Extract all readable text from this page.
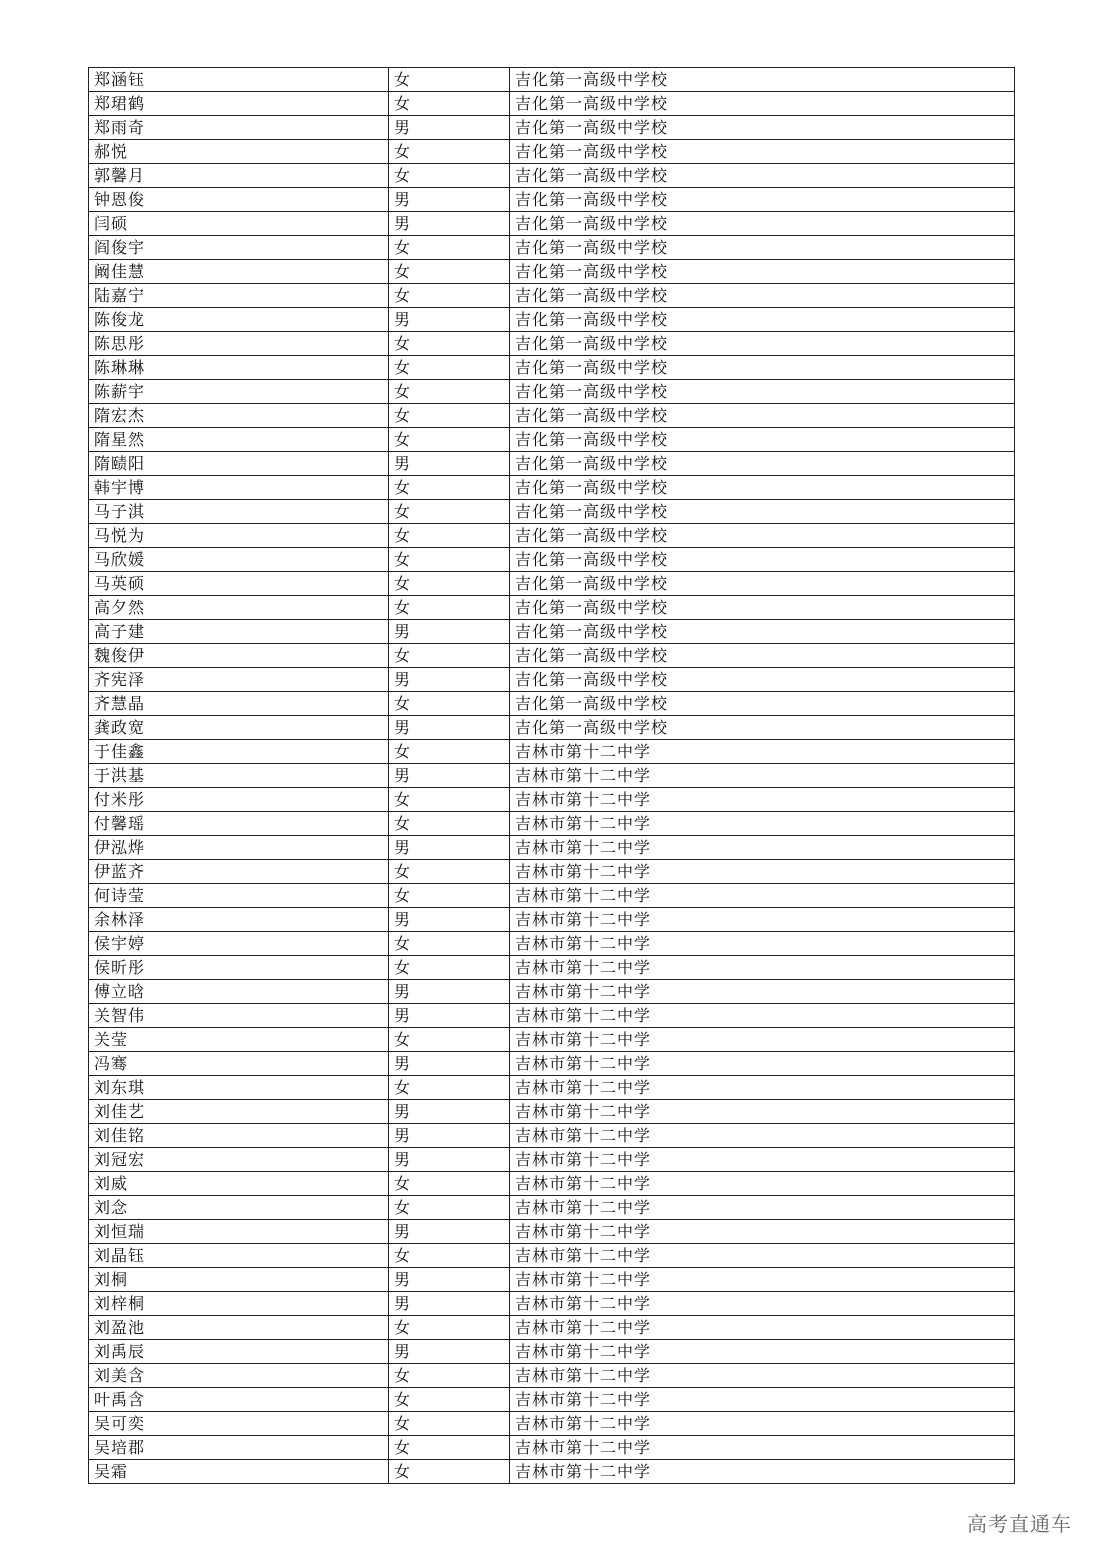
郑涵钰	女	吉化第一高级中学校
郑珺鹤	女	吉化第一高级中学校
郑雨奇	男	吉化第一高级中学校
郝悦	女	吉化第一高级中学校
郭馨月	女	吉化第一高级中学校
钟恩俊	男	吉化第一高级中学校
闫硕	男	吉化第一高级中学校
阎俊宇	女	吉化第一高级中学校
阚佳慧	女	吉化第一高级中学校
陆嘉宁	女	吉化第一高级中学校
陈俊龙	男	吉化第一高级中学校
陈思彤	女	吉化第一高级中学校
陈琳琳	女	吉化第一高级中学校
陈薪宇	女	吉化第一高级中学校
隋宏杰	女	吉化第一高级中学校
隋星然	女	吉化第一高级中学校
隋赜阳	男	吉化第一高级中学校
韩宇博	女	吉化第一高级中学校
马子淇	女	吉化第一高级中学校
马悦为	女	吉化第一高级中学校
马欣媛	女	吉化第一高级中学校
马英硕	女	吉化第一高级中学校
高夕然	女	吉化第一高级中学校
高子建	男	吉化第一高级中学校
魏俊伊	女	吉化第一高级中学校
齐宪泽	男	吉化第一高级中学校
齐慧晶	女	吉化第一高级中学校
龚政宽	男	吉化第一高级中学校
于佳鑫	女	吉林市第十二中学
于洪基	男	吉林市第十二中学
付米彤	女	吉林市第十二中学
付馨瑶	女	吉林市第十二中学
伊泓烨	男	吉林市第十二中学
伊蓝齐	女	吉林市第十二中学
何诗莹	女	吉林市第十二中学
余林泽	男	吉林市第十二中学
侯宇婷	女	吉林市第十二中学
侯昕彤	女	吉林市第十二中学
傅立晗	男	吉林市第十二中学
关智伟	男	吉林市第十二中学
关莹	女	吉林市第十二中学
冯骞	男	吉林市第十二中学
刘东琪	女	吉林市第十二中学
刘佳艺	男	吉林市第十二中学
刘佳铭	男	吉林市第十二中学
刘冠宏	男	吉林市第十二中学
刘威	女	吉林市第十二中学
刘念	女	吉林市第十二中学
刘恒瑞	男	吉林市第十二中学
刘晶钰	女	吉林市第十二中学
刘桐	男	吉林市第十二中学
刘梓桐	男	吉林市第十二中学
刘盈池	女	吉林市第十二中学
刘禹辰	男	吉林市第十二中学
刘美含	女	吉林市第十二中学
叶禹含	女	吉林市第十二中学
吴可奕	女	吉林市第十二中学
吴培郡	女	吉林市第十二中学
吴霜	女	吉林市第十二中学
高考直通车
